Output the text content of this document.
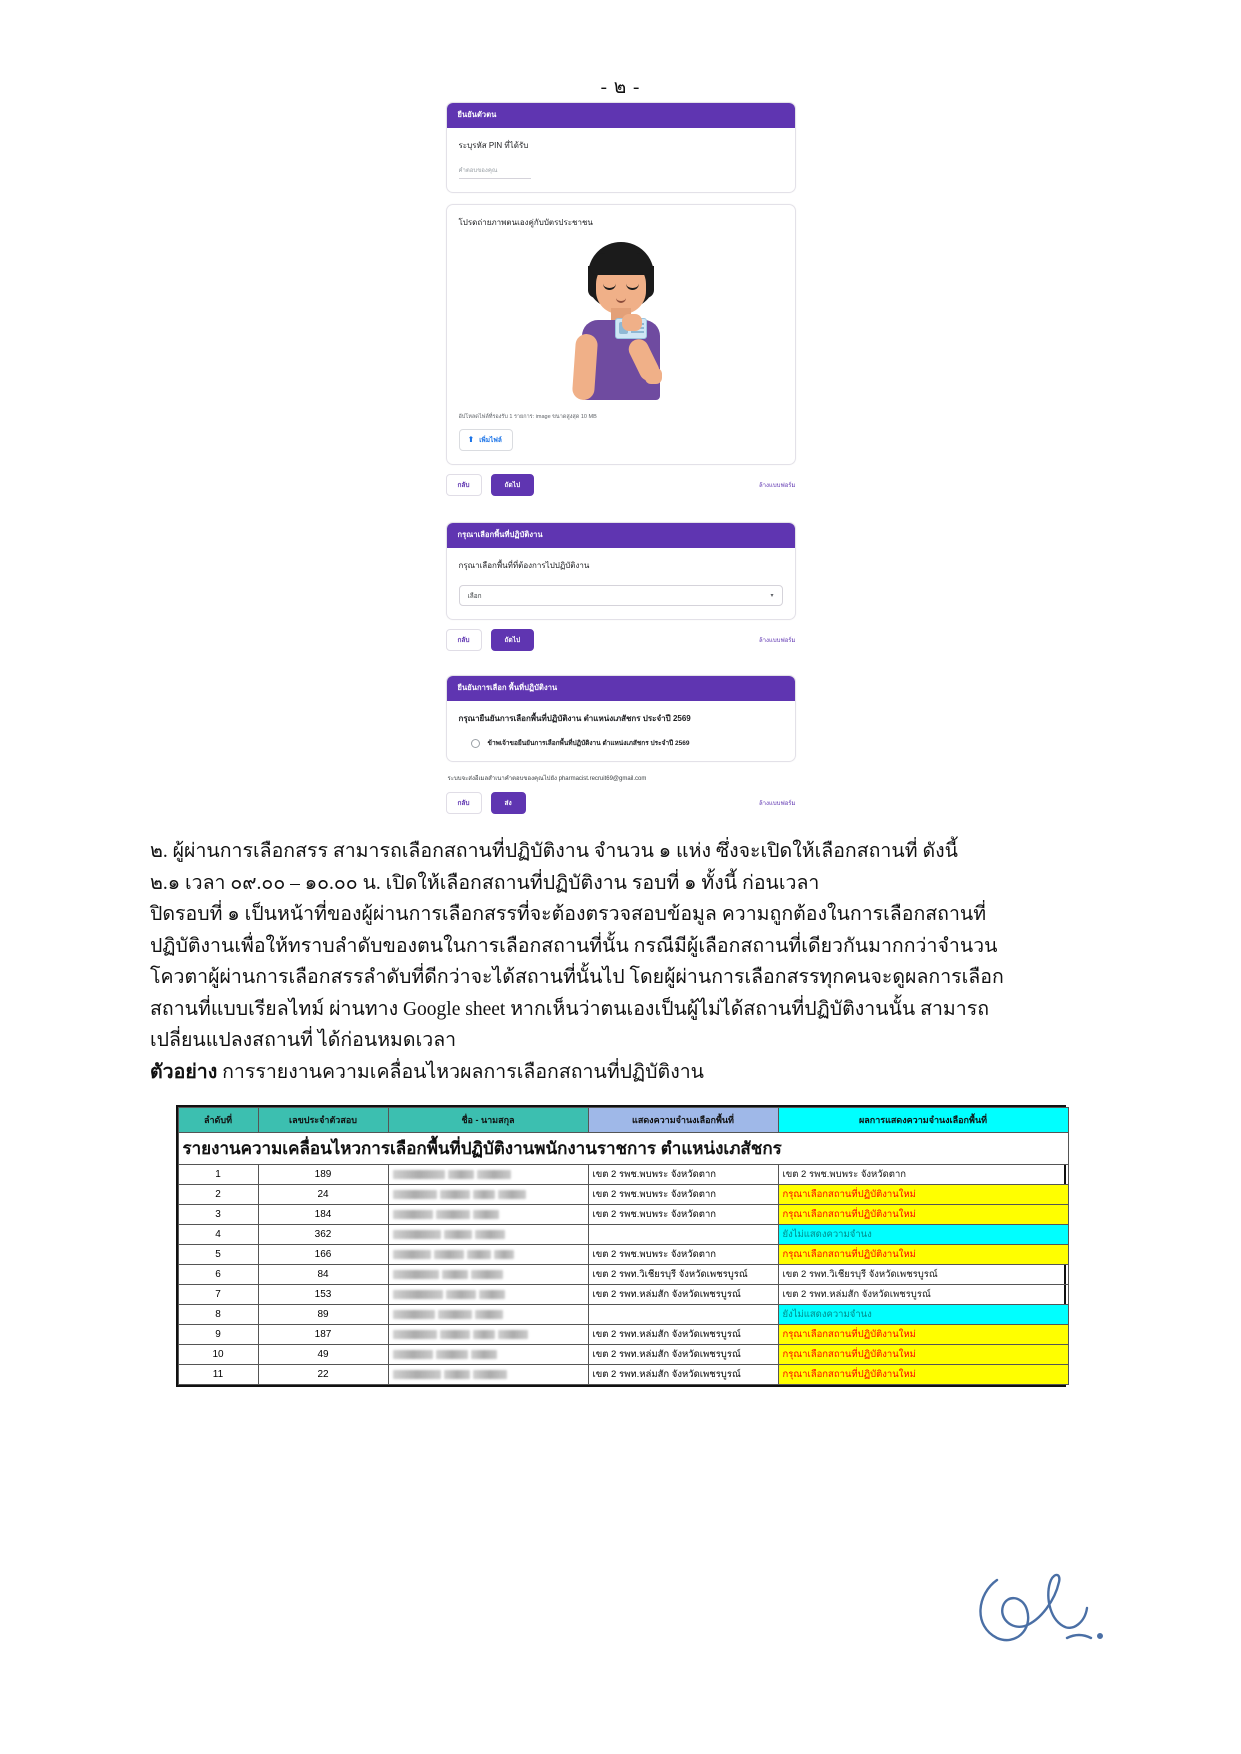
- ๒ -
ยืนยันตัวตน
ระบุรหัส PIN ที่ได้รับ
คำตอบของคุณ
โปรดถ่ายภาพตนเองคู่กับบัตรประชาชน
อัปโหลดไฟล์ที่รองรับ 1 รายการ: image ขนาดสูงสุด 10 MB
⬆ เพิ่มไฟล์
กลับ	ถัดไป	ล้างแบบฟอร์ม
กรุณาเลือกพื้นที่ปฏิบัติงาน
กรุณาเลือกพื้นที่ที่ต้องการไปปฏิบัติงาน
เลือก	▾
กลับ	ถัดไป	ล้างแบบฟอร์ม
ยืนยันการเลือก พื้นที่ปฏิบัติงาน
กรุณายืนยันการเลือกพื้นที่ปฏิบัติงาน ตำแหน่งเภสัชกร ประจำปี 2569
ข้าพเจ้าขอยืนยันการเลือกพื้นที่ปฏิบัติงาน ตำแหน่งเภสัชกร ประจำปี 2569
ระบบจะส่งอีเมลสำเนาคำตอบของคุณไปยัง pharmacist.recruit69@gmail.com
กลับ	ส่ง	ล้างแบบฟอร์ม

๒. ผู้ผ่านการเลือกสรร สามารถเลือกสถานที่ปฏิบัติงาน จำนวน ๑ แห่ง ซึ่งจะเปิดให้เลือกสถานที่ ดังนี้

๒.๑ เวลา ๐๙.๐๐ – ๑๐.๐๐ น. เปิดให้เลือกสถานที่ปฏิบัติงาน รอบที่ ๑ ทั้งนี้ ก่อนเวลา

ปิดรอบที่ ๑ เป็นหน้าที่ของผู้ผ่านการเลือกสรรที่จะต้องตรวจสอบข้อมูล ความถูกต้องในการเลือกสถานที่

ปฏิบัติงานเพื่อให้ทราบลำดับของตนในการเลือกสถานที่นั้น กรณีมีผู้เลือกสถานที่เดียวกันมากกว่าจำนวน

โควตาผู้ผ่านการเลือกสรรลำดับที่ดีกว่าจะได้สถานที่นั้นไป โดยผู้ผ่านการเลือกสรรทุกคนจะดูผลการเลือก

สถานที่แบบเรียลไทม์ ผ่านทาง Google sheet หากเห็นว่าตนเองเป็นผู้ไม่ได้สถานที่ปฏิบัติงานนั้น สามารถ

เปลี่ยนแปลงสถานที่ ได้ก่อนหมดเวลา

ตัวอย่าง การรายงานความเคลื่อนไหวผลการเลือกสถานที่ปฏิบัติงาน

รายงานความเคลื่อนไหวการเลือกพื้นที่ปฏิบัติงานพนักงานราชการ ตำแหน่งเภสัชกร				
ลำดับที่	เลขประจำตัวสอบ	ชื่อ - นามสกุล	แสดงความจำนงเลือกพื้นที่	ผลการแสดงความจำนงเลือกพื้นที่
1	189		เขต 2 รพช.พบพระ จังหวัดตาก	เขต 2 รพช.พบพระ จังหวัดตาก
2	24		เขต 2 รพช.พบพระ จังหวัดตาก	กรุณาเลือกสถานที่ปฏิบัติงานใหม่
3	184		เขต 2 รพช.พบพระ จังหวัดตาก	กรุณาเลือกสถานที่ปฏิบัติงานใหม่
4	362			ยังไม่แสดงความจำนง
5	166		เขต 2 รพช.พบพระ จังหวัดตาก	กรุณาเลือกสถานที่ปฏิบัติงานใหม่
6	84		เขต 2 รพท.วิเชียรบุรี จังหวัดเพชรบูรณ์	เขต 2 รพท.วิเชียรบุรี จังหวัดเพชรบูรณ์
7	153		เขต 2 รพท.หล่มสัก จังหวัดเพชรบูรณ์	เขต 2 รพท.หล่มสัก จังหวัดเพชรบูรณ์
8	89			ยังไม่แสดงความจำนง
9	187		เขต 2 รพท.หล่มสัก จังหวัดเพชรบูรณ์	กรุณาเลือกสถานที่ปฏิบัติงานใหม่
10	49		เขต 2 รพท.หล่มสัก จังหวัดเพชรบูรณ์	กรุณาเลือกสถานที่ปฏิบัติงานใหม่
11	22		เขต 2 รพท.หล่มสัก จังหวัดเพชรบูรณ์	กรุณาเลือกสถานที่ปฏิบัติงานใหม่
